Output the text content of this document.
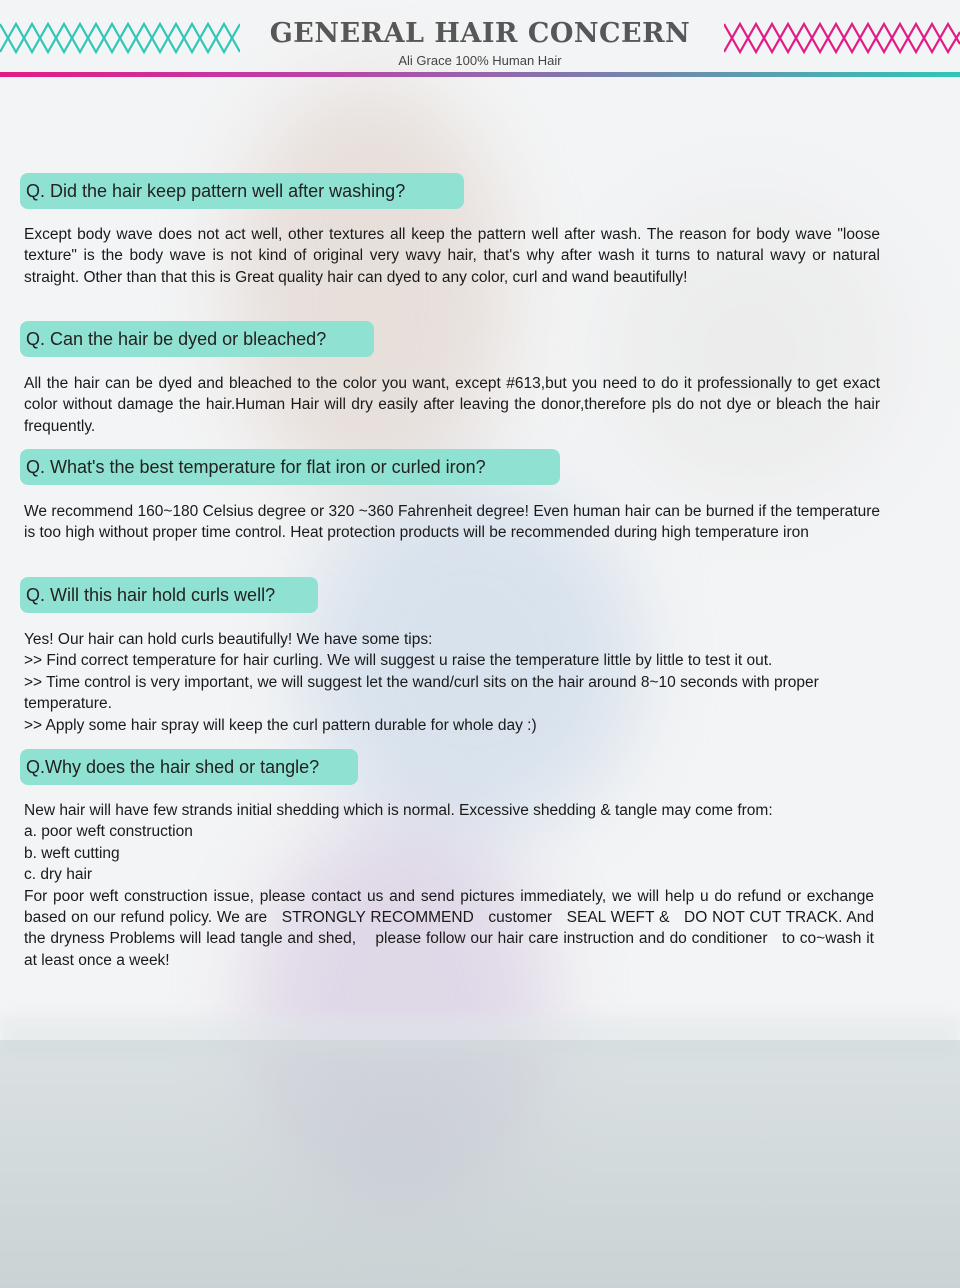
GENERAL HAIR CONCERN
Ali Grace 100% Human Hair
Q. Did the hair keep pattern well after washing?

Except body wave does not act well, other textures all keep the pattern well after wash. The reason for body wave "loose texture" is the body wave is not kind of original very wavy hair, that's why after wash it turns to natural wavy or natural straight. Other than that this is Great quality hair can dyed to any color, curl and wand beautifully!

Q. Can the hair be dyed or bleached?

All the hair can be dyed and bleached to the color you want, except #613,but you need to do it professionally to get exact color without damage the hair.Human Hair will dry easily after leaving the donor,therefore pls do not dye or bleach the hair frequently.

Q. What's the best temperature for flat iron or curled iron?

We recommend 160~180 Celsius degree or 320 ~360 Fahrenheit degree! Even human hair can be burned if the temperature is too high without proper time control. Heat protection products will be recommended during high temperature iron

Q. Will this hair hold curls well?

Yes! Our hair can hold curls beautifully! We have some tips:

>> Find correct temperature for hair curling. We will suggest u raise the temperature little by little to test it out.

>> Time control is very important, we will suggest let the wand/curl sits on the hair around 8~10 seconds with proper temperature.

>> Apply some hair spray will keep the curl pattern durable for whole day :)

Q.Why does the hair shed or tangle?

New hair will have few strands initial shedding which is normal. Excessive shedding & tangle may come from:

a. poor weft construction

b. weft cutting

c. dry hair

For poor weft construction issue, please contact us and send pictures immediately, we will help u do refund or exchange based on our refund policy. We are   STRONGLY RECOMMEND   customer   SEAL WEFT &   DO NOT CUT TRACK. And the dryness Problems will lead tangle and shed,    please follow our hair care instruction and do conditioner   to co~wash it at least once a week!
